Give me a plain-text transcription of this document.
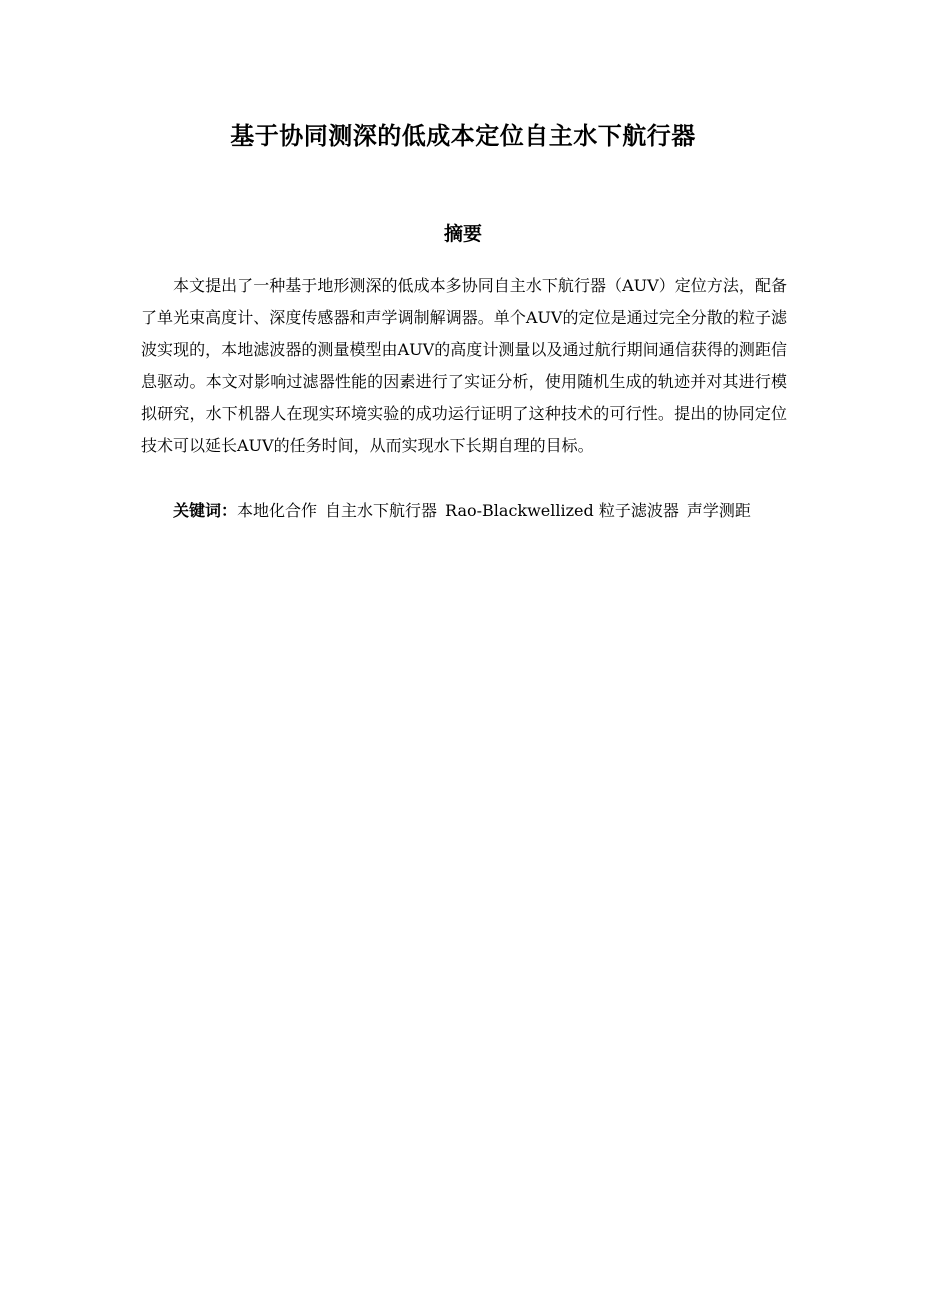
基于协同测深的低成本定位自主水下航行器
摘要

本文提出了一种基于地形测深的低成本多协同自主水下航行器（AUV）定位方法，配备了单光束高度计、深度传感器和声学调制解调器。单个AUV的定位是通过完全分散的粒子滤波实现的，本地滤波器的测量模型由AUV的高度计测量以及通过航行期间通信获得的测距信息驱动。本文对影响过滤器性能的因素进行了实证分析，使用随机生成的轨迹并对其进行模拟研究，水下机器人在现实环境实验的成功运行证明了这种技术的可行性。提出的协同定位技术可以延长AUV的任务时间，从而实现水下长期自理的目标。

关键词：本地化合作 自主水下航行器 Rao-Blackwellized 粒子滤波器 声学测距
